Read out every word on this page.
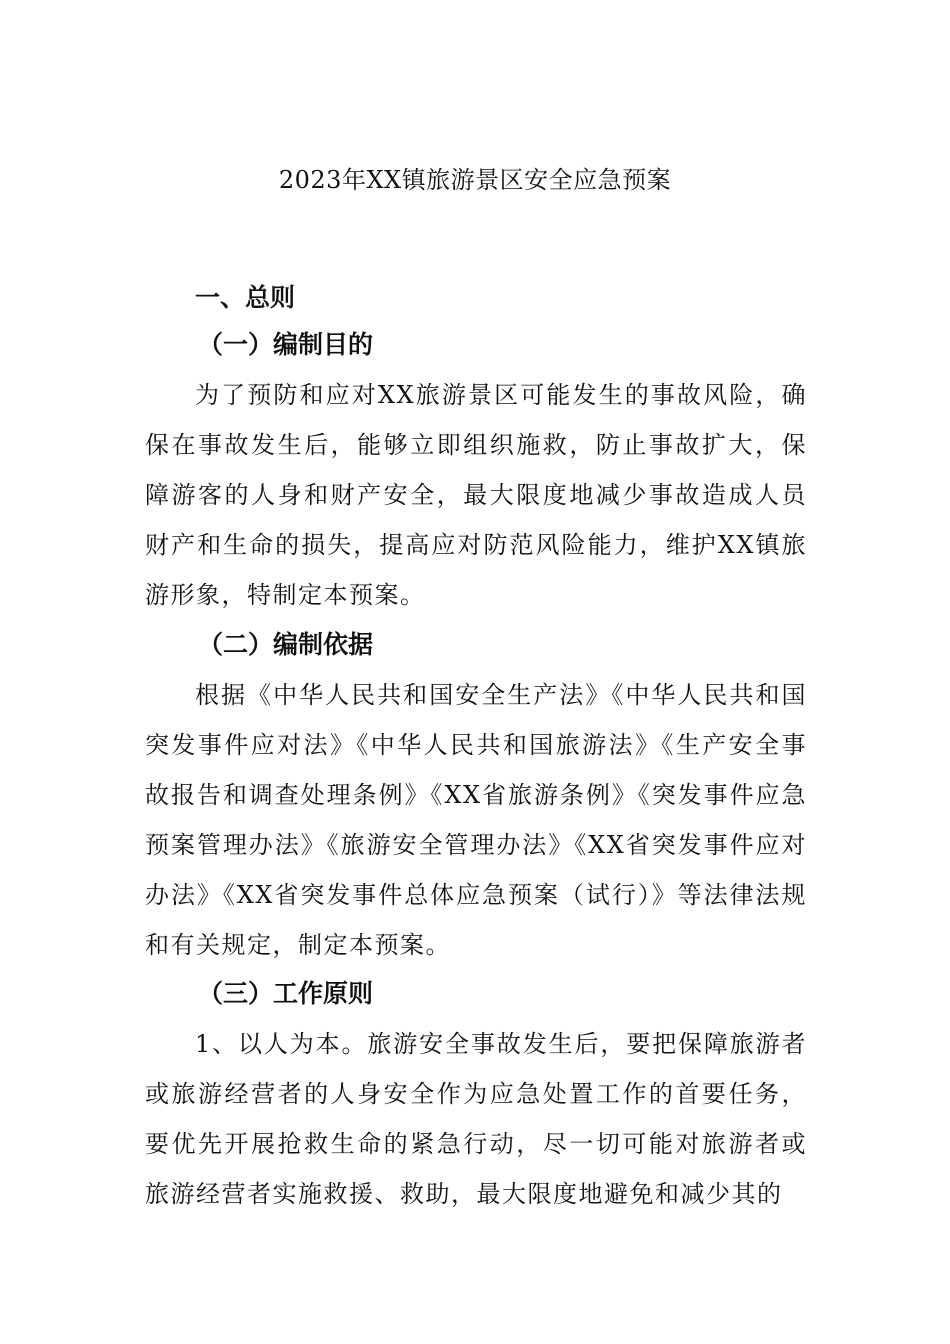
2023年XX镇旅游景区安全应急预案
一、总则
（一）编制目的

为了预防和应对XX旅游景区可能发生的事故风险，确保在事故发生后，能够立即组织施救，防止事故扩大，保障游客的人身和财产安全，最大限度地减少事故造成人员财产和生命的损失，提高应对防范风险能力，维护XX镇旅游形象，特制定本预案。

（二）编制依据

根据《中华人民共和国安全生产法》《中华人民共和国突发事件应对法》《中华人民共和国旅游法》《生产安全事故报告和调查处理条例》《XX省旅游条例》《突发事件应急预案管理办法》《旅游安全管理办法》《XX省突发事件应对办法》《XX省突发事件总体应急预案（试行）》等法律法规和有关规定，制定本预案。

（三）工作原则

1、以人为本。旅游安全事故发生后，要把保障旅游者或旅游经营者的人身安全作为应急处置工作的首要任务，要优先开展抢救生命的紧急行动，尽一切可能对旅游者或旅游经营者实施救援、救助，最大限度地避免和减少其的
